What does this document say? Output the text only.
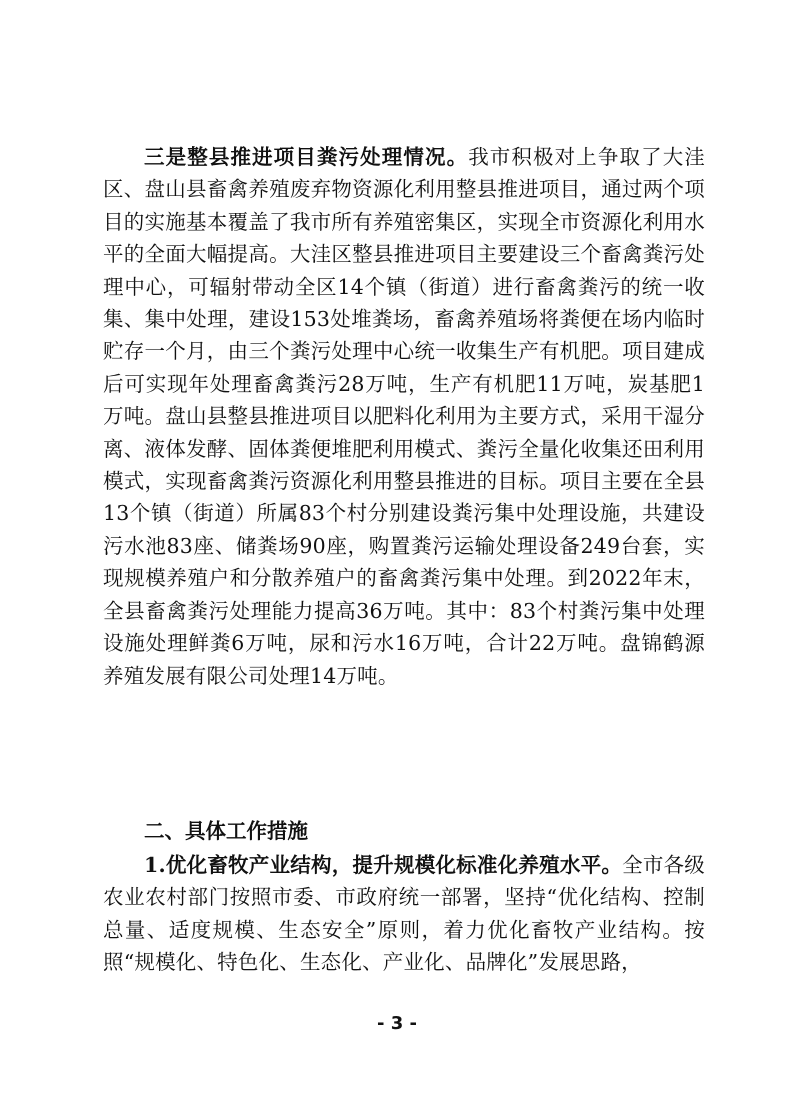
三是整县推进项目粪污处理情况。我市积极对上争取了大洼区、盘山县畜禽养殖废弃物资源化利用整县推进项目，通过两个项目的实施基本覆盖了我市所有养殖密集区，实现全市资源化利用水平的全面大幅提高。大洼区整县推进项目主要建设三个畜禽粪污处理中心，可辐射带动全区14个镇（街道）进行畜禽粪污的统一收集、集中处理，建设153处堆粪场，畜禽养殖场将粪便在场内临时贮存一个月，由三个粪污处理中心统一收集生产有机肥。项目建成后可实现年处理畜禽粪污28万吨，生产有机肥11万吨，炭基肥1万吨。盘山县整县推进项目以肥料化利用为主要方式，采用干湿分离、液体发酵、固体粪便堆肥利用模式、粪污全量化收集还田利用模式，实现畜禽粪污资源化利用整县推进的目标。项目主要在全县13个镇（街道）所属83个村分别建设粪污集中处理设施，共建设污水池83座、储粪场90座，购置粪污运输处理设备249台套，实现规模养殖户和分散养殖户的畜禽粪污集中处理。到2022年末，全县畜禽粪污处理能力提高36万吨。其中：83个村粪污集中处理设施处理鲜粪6万吨，尿和污水16万吨，合计22万吨。盘锦鹤源养殖发展有限公司处理14万吨。

二、具体工作措施

1.优化畜牧产业结构，提升规模化标准化养殖水平。全市各级农业农村部门按照市委、市政府统一部署，坚持“优化结构、控制总量、适度规模、生态安全”原则，着力优化畜牧产业结构。按照“规模化、特色化、生态化、产业化、品牌化”发展思路，

- 3 -
